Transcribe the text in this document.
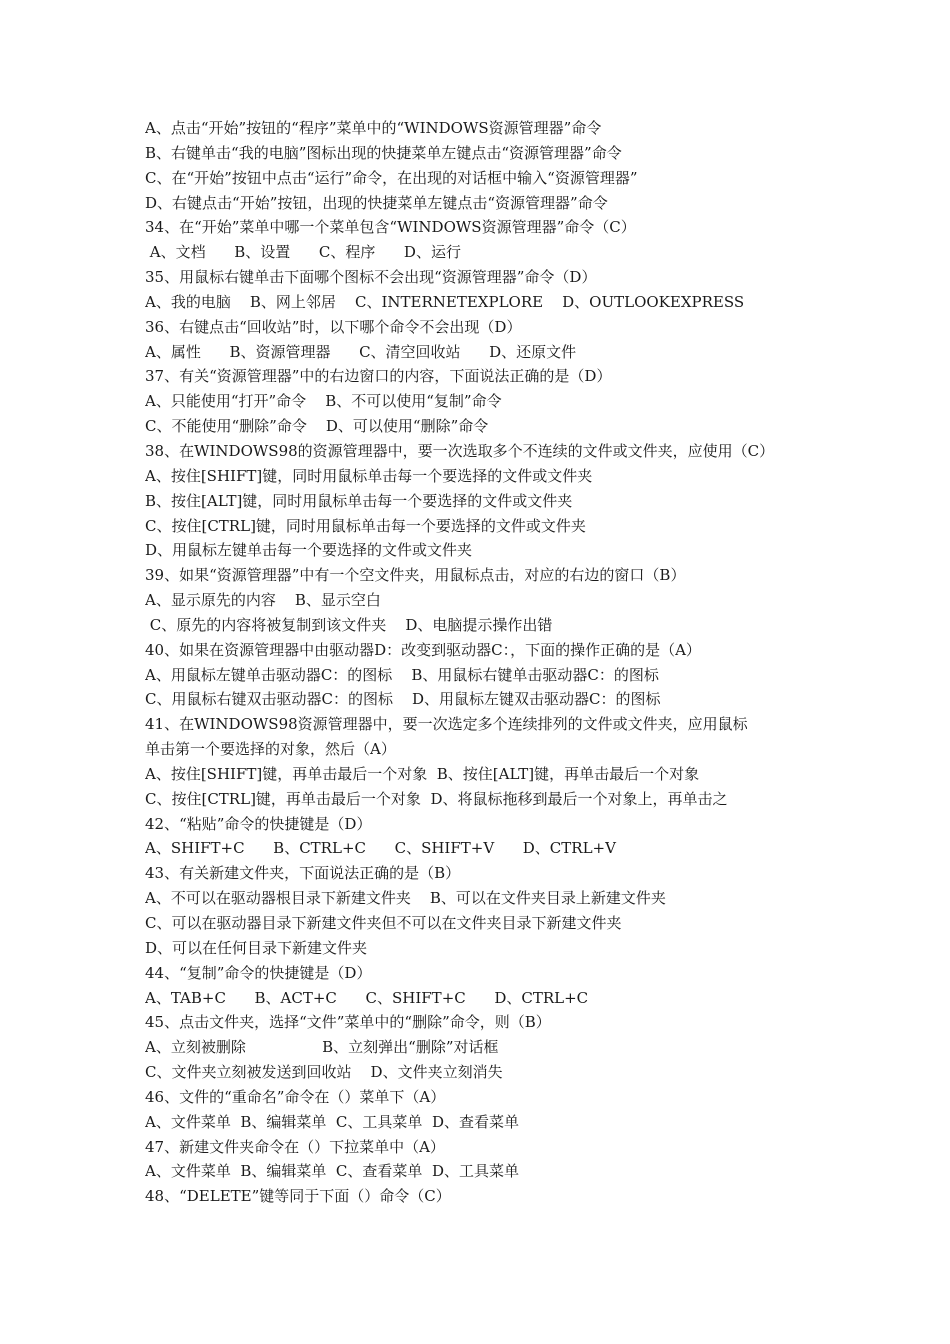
A、点击“开始”按钮的“程序”菜单中的“WINDOWS资源管理器”命令
B、右键单击“我的电脑”图标出现的快捷菜单左键点击“资源管理器”命令
C、在“开始”按钮中点击“运行”命令，在出现的对话框中输入“资源管理器”
D、右键点击“开始”按钮，出现的快捷菜单左键点击“资源管理器”命令
34、在“开始”菜单中哪一个菜单包含“WINDOWS资源管理器”命令（C）
A、文档      B、设置      C、程序      D、运行
35、用鼠标右键单击下面哪个图标不会出现“资源管理器”命令（D）
A、我的电脑    B、网上邻居    C、INTERNETEXPLORE    D、OUTLOOKEXPRESS
36、右键点击“回收站”时，以下哪个命令不会出现（D）
A、属性      B、资源管理器      C、清空回收站      D、还原文件
37、有关“资源管理器”中的右边窗口的内容，下面说法正确的是（D）
A、只能使用“打开”命令    B、不可以使用“复制”命令
C、不能使用“删除”命令    D、可以使用“删除”命令
38、在WINDOWS98的资源管理器中，要一次选取多个不连续的文件或文件夹，应使用（C）
A、按住[SHIFT]键，同时用鼠标单击每一个要选择的文件或文件夹
B、按住[ALT]键，同时用鼠标单击每一个要选择的文件或文件夹
C、按住[CTRL]键，同时用鼠标单击每一个要选择的文件或文件夹
D、用鼠标左键单击每一个要选择的文件或文件夹
39、如果“资源管理器”中有一个空文件夹，用鼠标点击，对应的右边的窗口（B）
A、显示原先的内容    B、显示空白
C、原先的内容将被复制到该文件夹    D、电脑提示操作出错
40、如果在资源管理器中由驱动器D：改变到驱动器C：，下面的操作正确的是（A）
A、用鼠标左键单击驱动器C：的图标    B、用鼠标右键单击驱动器C：的图标
C、用鼠标右键双击驱动器C：的图标    D、用鼠标左键双击驱动器C：的图标
41、在WINDOWS98资源管理器中，要一次选定多个连续排列的文件或文件夹，应用鼠标
单击第一个要选择的对象，然后（A）
A、按住[SHIFT]键，再单击最后一个对象  B、按住[ALT]键，再单击最后一个对象
C、按住[CTRL]键，再单击最后一个对象  D、将鼠标拖移到最后一个对象上，再单击之
42、“粘贴”命令的快捷键是（D）
A、SHIFT+C      B、CTRL+C      C、SHIFT+V      D、CTRL+V
43、有关新建文件夹，下面说法正确的是（B）
A、不可以在驱动器根目录下新建文件夹    B、可以在文件夹目录上新建文件夹
C、可以在驱动器目录下新建文件夹但不可以在文件夹目录下新建文件夹
D、可以在任何目录下新建文件夹
44、“复制”命令的快捷键是（D）
A、TAB+C      B、ACT+C      C、SHIFT+C      D、CTRL+C
45、点击文件夹，选择“文件”菜单中的“删除”命令，则（B）
A、立刻被删除                B、立刻弹出“删除”对话框
C、文件夹立刻被发送到回收站    D、文件夹立刻消失
46、文件的“重命名”命令在（）菜单下（A）
A、文件菜单  B、编辑菜单  C、工具菜单  D、查看菜单
47、新建文件夹命令在（）下拉菜单中（A）
A、文件菜单  B、编辑菜单  C、查看菜单  D、工具菜单
48、“DELETE”键等同于下面（）命令（C）
